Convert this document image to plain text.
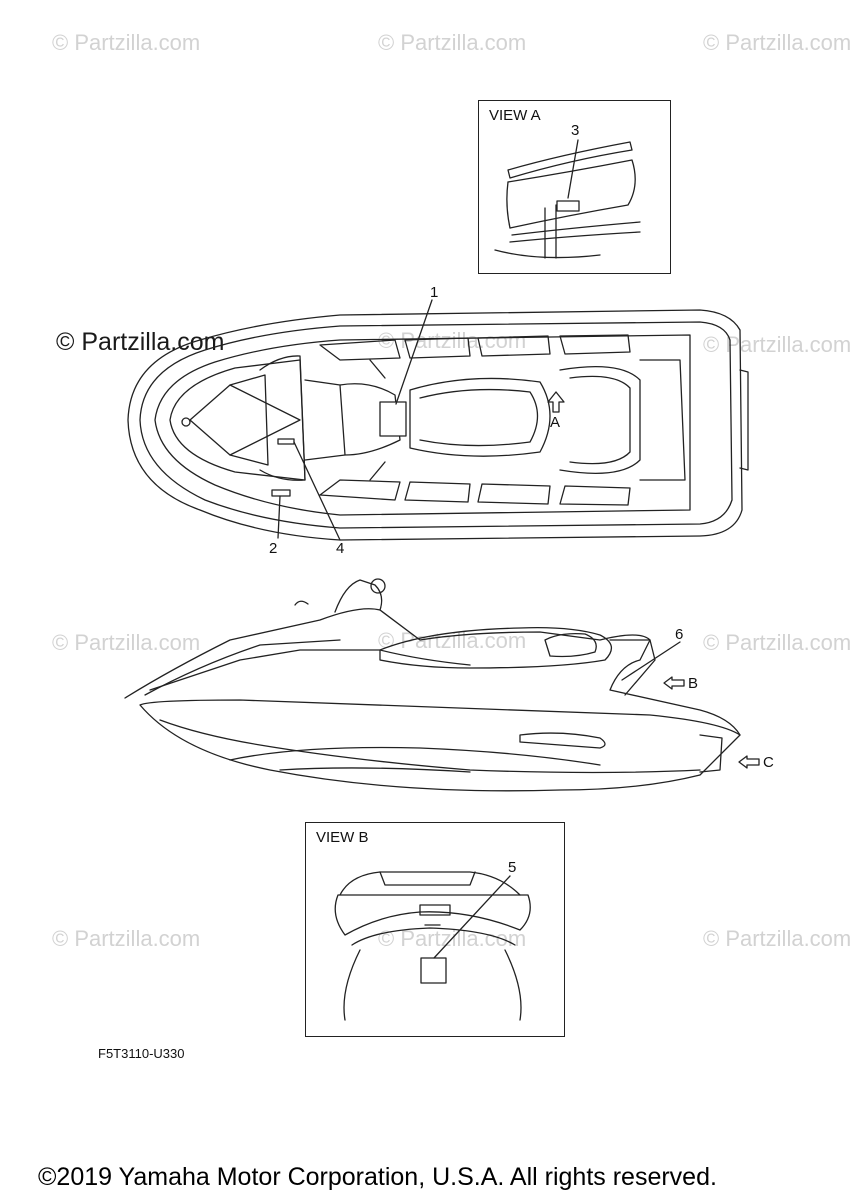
© Partzilla.com	© Partzilla.com	© Partzilla.com
© Partzilla.com	© Partzilla.com
© Partzilla.com	© Partzilla.com	© Partzilla.com
© Partzilla.com	© Partzilla.com	© Partzilla.com
© Partzilla.com
VIEW A
VIEW B
3
1
2	4
6
5
A
B
C
F5T3110-U330
©2019 Yamaha Motor Corporation, U.S.A. All rights reserved.
